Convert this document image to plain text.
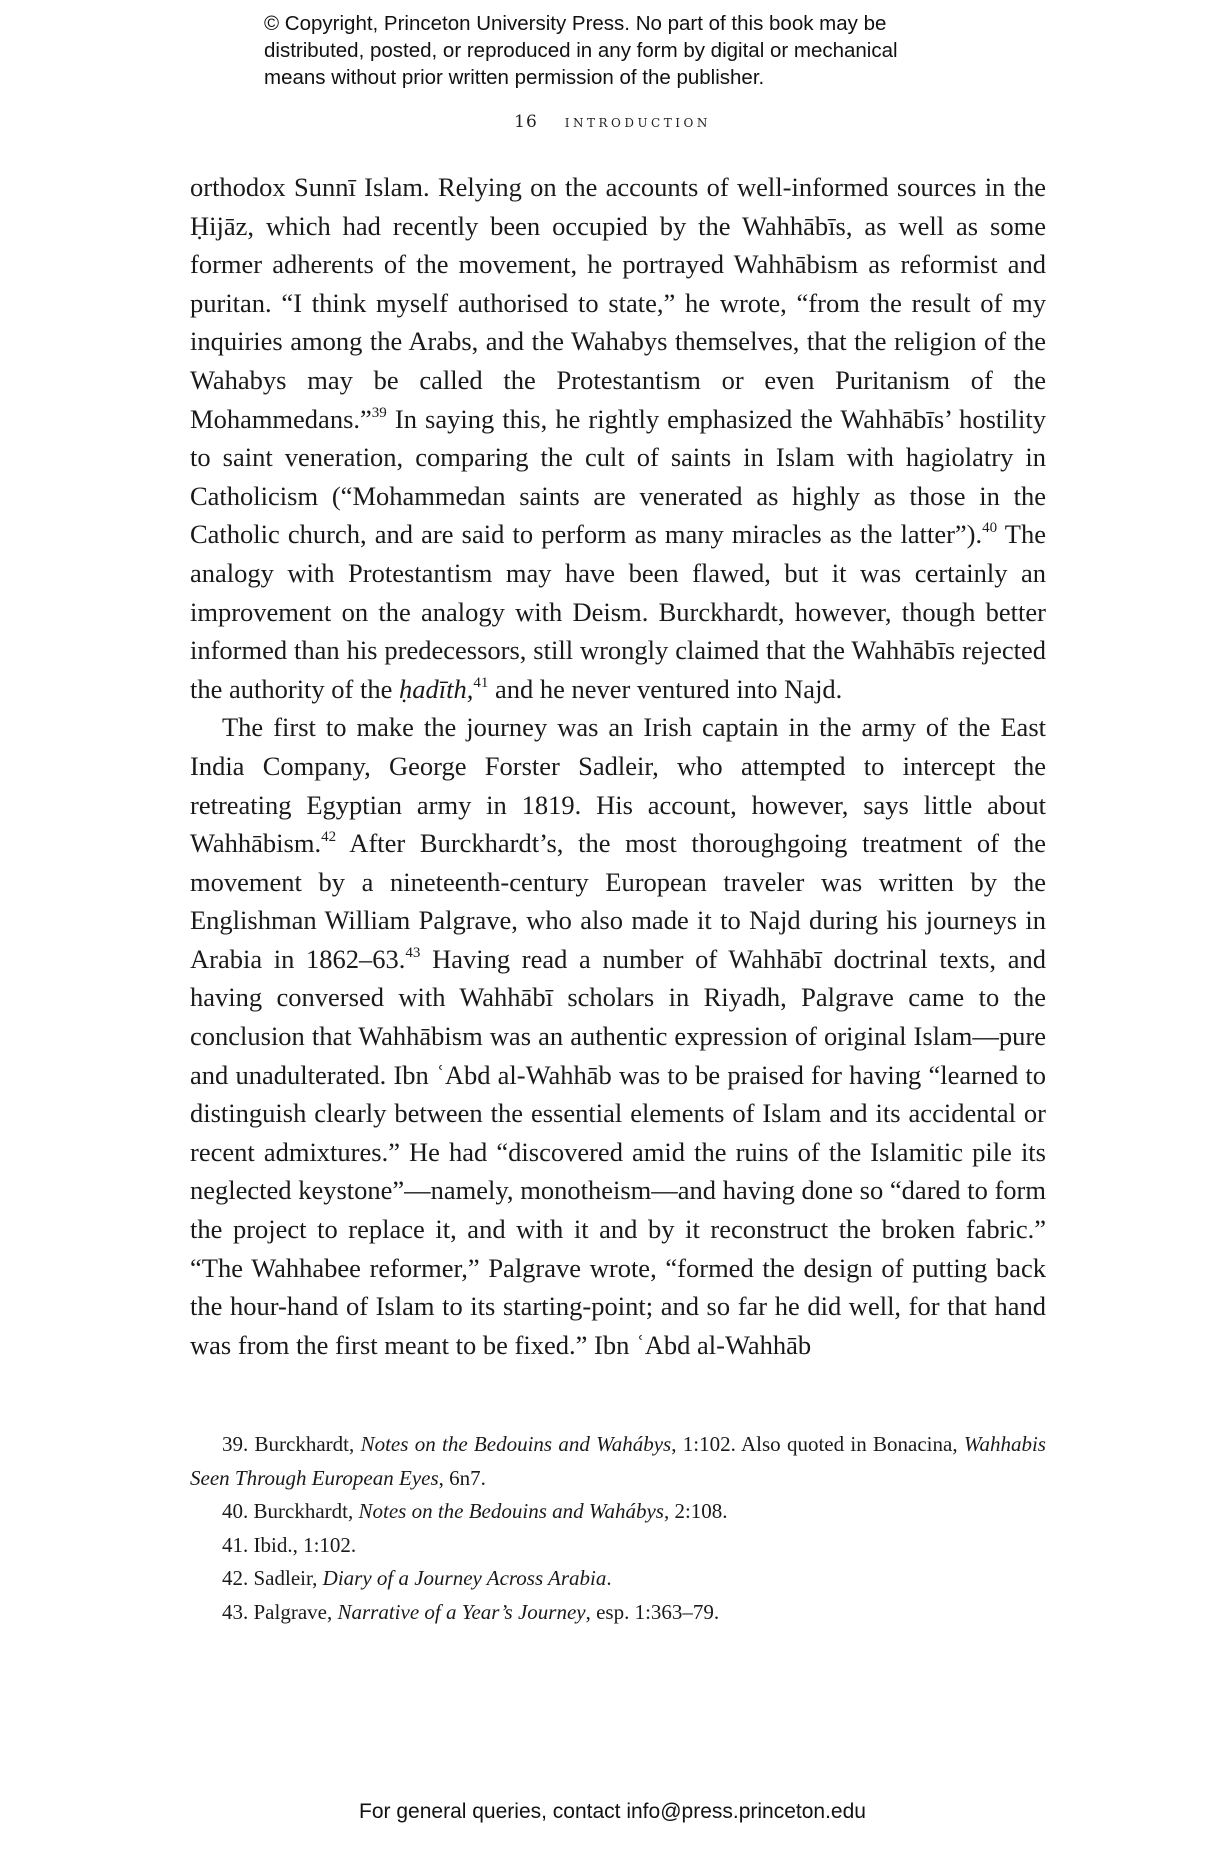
© Copyright, Princeton University Press. No part of this book may be
distributed, posted, or reproduced in any form by digital or mechanical
means without prior written permission of the publisher.
16 introduction

orthodox Sunnī Islam. Relying on the accounts of well-informed sources in the Ḥijāz, which had recently been occupied by the Wahhābīs, as well as some former adherents of the movement, he portrayed Wahhābism as reformist and puritan. “I think myself authorised to state,” he wrote, “from the result of my inquiries among the Arabs, and the Wahabys themselves, that the religion of the Wahabys may be called the Protestantism or even Puritanism of the Mohammedans.”$^{39}$ In saying this, he rightly emphasized the Wahhābīs’ hostility to saint veneration, comparing the cult of saints in Islam with hagiolatry in Catholicism (“Mohammedan saints are venerated as highly as those in the Catholic church, and are said to perform as many miracles as the latter”).$^{40}$ The analogy with Protestantism may have been flawed, but it was certainly an improvement on the analogy with Deism. Burckhardt, however, though better informed than his predecessors, still wrongly claimed that the Wahhābīs rejected the authority of the ḥadīth,$^{41}$ and he never ventured into Najd.

The first to make the journey was an Irish captain in the army of the East India Company, George Forster Sadleir, who attempted to intercept the retreating Egyptian army in 1819. His account, however, says little about Wahhābism.$^{42}$ After Burckhardt’s, the most thoroughgoing treatment of the movement by a nineteenth-century European traveler was written by the Englishman William Palgrave, who also made it to Najd during his journeys in Arabia in 1862–63.43 Having read a number of Wahhābī doctrinal texts, and having conversed with Wahhābī scholars in Riyadh, Palgrave came to the conclusion that Wahhābism was an authentic expression of original Islam—pure and unadulterated. Ibn ʿAbd al-Wahhāb was to be praised for having “learned to distinguish clearly between the essential elements of Islam and its accidental or recent admixtures.” He had “discovered amid the ruins of the Islamitic pile its neglected keystone”—namely, monotheism—and having done so “dared to form the project to replace it, and with it and by it reconstruct the broken fabric.” “The Wahhabee reformer,” Palgrave wrote, “formed the design of putting back the hour-hand of Islam to its starting-point; and so far he did well, for that hand was from the first meant to be fixed.” Ibn ʿAbd al-Wahhāb

39. Burckhardt, Notes on the Bedouins and Wahábys, 1:102. Also quoted in Bonacina, Wahhabis Seen Through European Eyes, 6n7.

40. Burckhardt, Notes on the Bedouins and Wahábys, 2:108.

41. Ibid., 1:102.

42. Sadleir, Diary of a Journey Across Arabia.

43. Palgrave, Narrative of a Year’s Journey, esp. 1:363–79.

For general queries, contact info@press.princeton.edu
